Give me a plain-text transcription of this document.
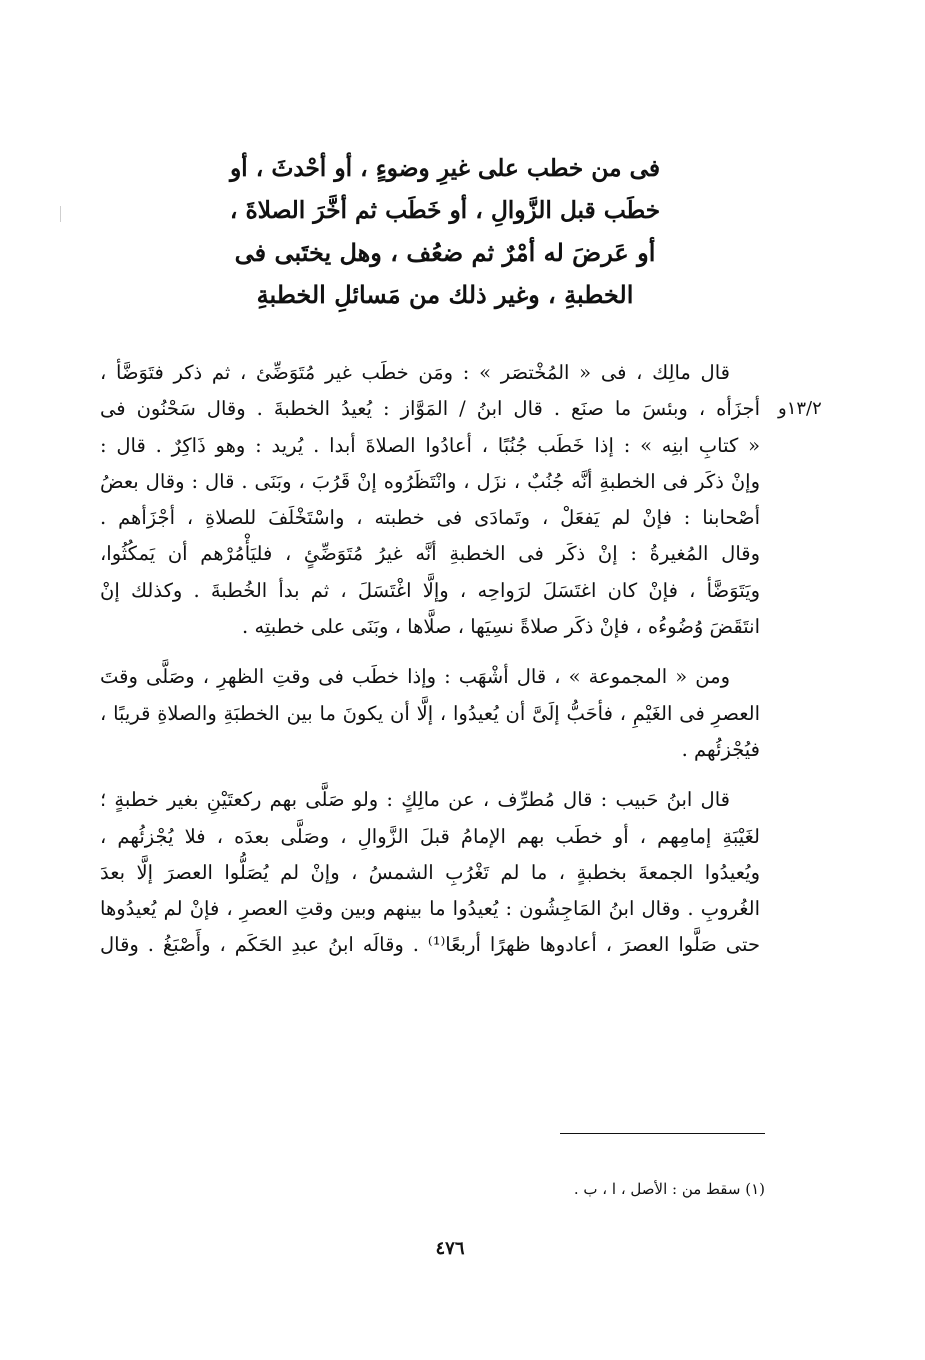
فى من خطب على غيرِ وضوءٍ ، أو أحْدثَ ، أو
خطَب قبل الزَّوالِ ، أو خَطَب ثم أخَّرَ الصلاةَ ،
أو عَرضَ له أمْرٌ ثم ضعُف ، وهل يختَبى فى
الخطبةِ ، وغير ذلك من مَسائلِ الخطبةِ
١٣/٢و
قال مالِك ، فى « المُخْتصَر » : ومَن خطَب غير مُتَوَضِّئ ، ثم ذكر فتَوَضَّأ ،
أجزَأه ، وبئسَ ما صنَع . قال ابنُ / المَوَّاز : يُعيدُ الخطبةَ . وقال سَحْنُون فى
« كتابِ ابنِه » : إذا خَطَب جُنُبًا ، أعادُوا الصلاةَ أبدا . يُريد : وهو ذَاكِرٌ . قال :
وإنْ ذكَر فى الخطبةِ أنَّه جُنُبٌ ، نزَل ، وانْتَظَرُوه إنْ قَرُبَ ، وبَنَى . قال : وقال بعضُ
أصْحابنا : فإنْ لم يَفعَلْ ، وتَمادَى فى خطبته ، واسْتَخْلَفَ للصلاةِ ، أجْزَأهم .
وقال المُغيرةُ : إنْ ذكَر فى الخطبةِ أنَّه غيرُ مُتَوَضِّئٍ ، فليَأْمُرْهم أن يَمكُثُوا،
ويَتَوَضَّأ ، فإنْ كان اغتَسَلَ لرَواحِه ، وإلَّا اغْتَسَلَ ، ثم بدأ الخُطبةَ . وكذلك إنْ
انتَقَضَ وُضُوءُه ، فإنْ ذكَر صلاةً نسِيَها ، صلَّاها ، وبَنَى على خطبتِه .
ومن « المجموعة » ، قال أشْهَب : وإذا خطَب فى وقتِ الظهرِ ، وصَلَّى وقتَ
العصرِ فى الغَيْمِ ، فأحَبُّ إلَىَّ أن يُعيدُوا ، إلَّا أن يكونَ ما بين الخطبَةِ والصلاةِ قريبًا ،
فيُجْزئُهم .
قال ابنُ حَبيب : قال مُطرِّف ، عن مالِكٍ : ولو صَلَّى بهم ركعتَيْنِ بغير خطبةٍ ؛
لغَيْبَةِ إمامِهم ، أو خطَب بهم الإمامُ قبلَ الزَّوالِ ، وصَلَّى بعدَه ، فلا يُجْزئُهم ،
ويُعيدُوا الجمعةَ بخطبةٍ ، ما لم تَغْرُبِ الشمسُ ، وإنْ لم يُصَلُّوا العصرَ إلَّا بعدَ
الغُروبِ . وقال ابنُ المَاجِشُون : يُعيدُوا ما بينهم وبين وقتِ العصرِ ، فإنْ لم يُعيدُوها
حتى صَلَّوا العصرَ ، أعادوها ظهرًا أربعًا⁽¹⁾ . وقالَه ابنُ عبدِ الحَكَم ، وأَصْبَغُ . وقال
(١) سقط من : الأصل ، ا ، ب .
٤٧٦
